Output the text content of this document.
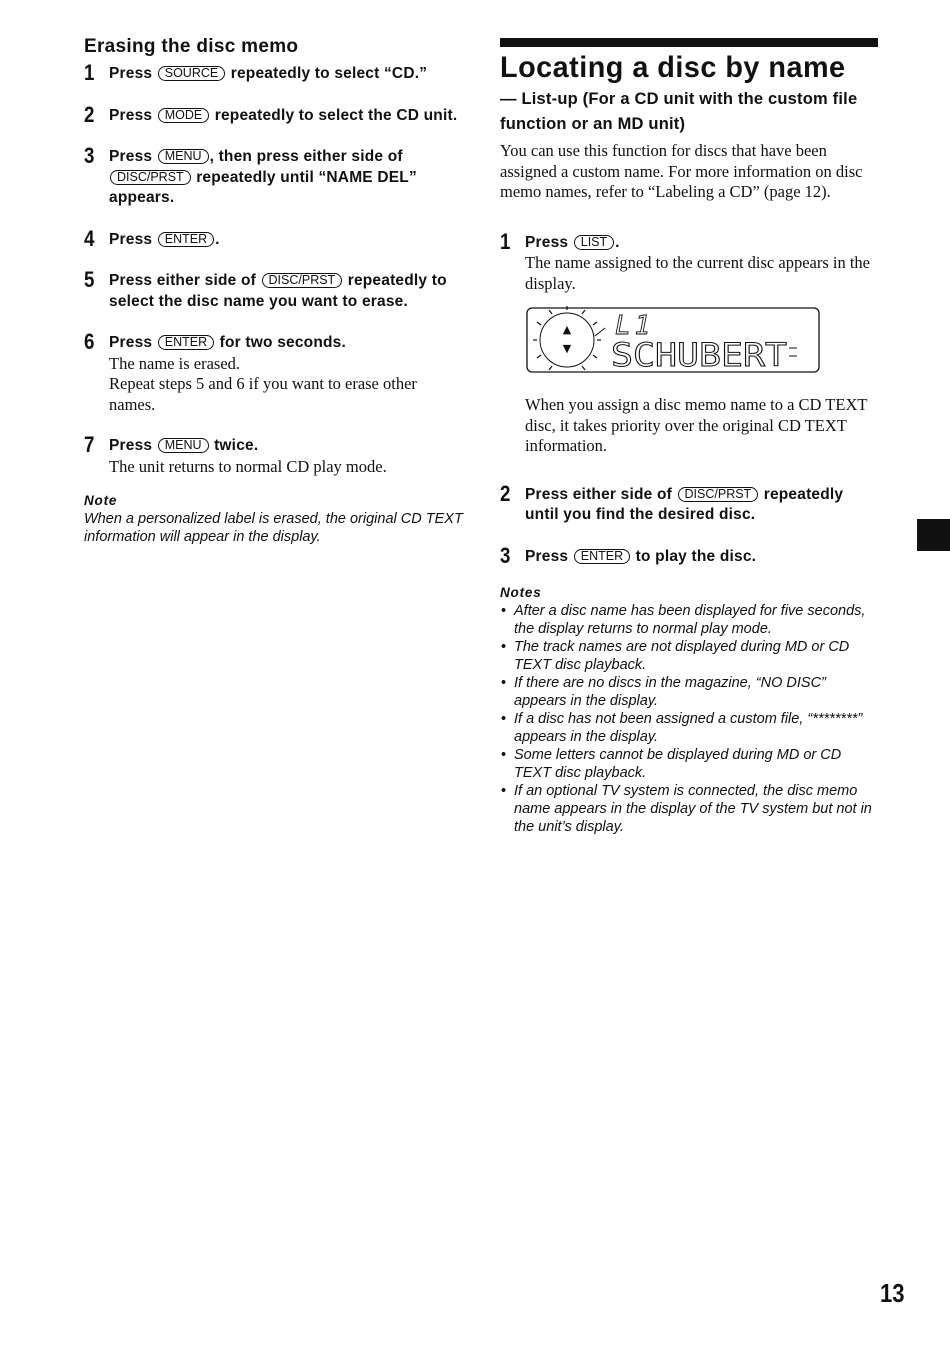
Erasing the disc memo
1 Press SOURCE repeatedly to select “CD.”
2 Press MODE repeatedly to select the CD unit.
3 Press MENU , then press either side of DISC/PRST repeatedly until “NAME DEL” appears.
4 Press ENTER .
5 Press either side of DISC/PRST repeatedly to select the disc name you want to erase.
6 Press ENTER for two seconds.
The name is erased.
Repeat steps 5 and 6 if you want to erase other names.
7 Press MENU twice.
The unit returns to normal CD play mode.
Note
When a personalized label is erased, the original CD TEXT information will appear in the display.
Locating a disc by name
— List-up (For a CD unit with the custom file function or an MD unit)
You can use this function for discs that have been assigned a custom name. For more information on disc memo names, refer to “Labeling a CD” (page 12).
1 Press LIST .
The name assigned to the current disc appears in the display.
▲
▼
L1
SCHUBERT
When you assign a disc memo name to a CD TEXT disc, it takes priority over the original CD TEXT information.
2 Press either side of DISC/PRST repeatedly until you find the desired disc.
3 Press ENTER to play the disc.
Notes
• After a disc name has been displayed for five seconds, the display returns to normal play mode.
• The track names are not displayed during MD or CD TEXT disc playback.
• If there are no discs in the magazine, “NO DISC” appears in the display.
• If a disc has not been assigned a custom file, “********” appears in the display.
• Some letters cannot be displayed during MD or CD TEXT disc playback.
• If an optional TV system is connected, the disc memo name appears in the display of the TV system but not in the unit’s display.
13
